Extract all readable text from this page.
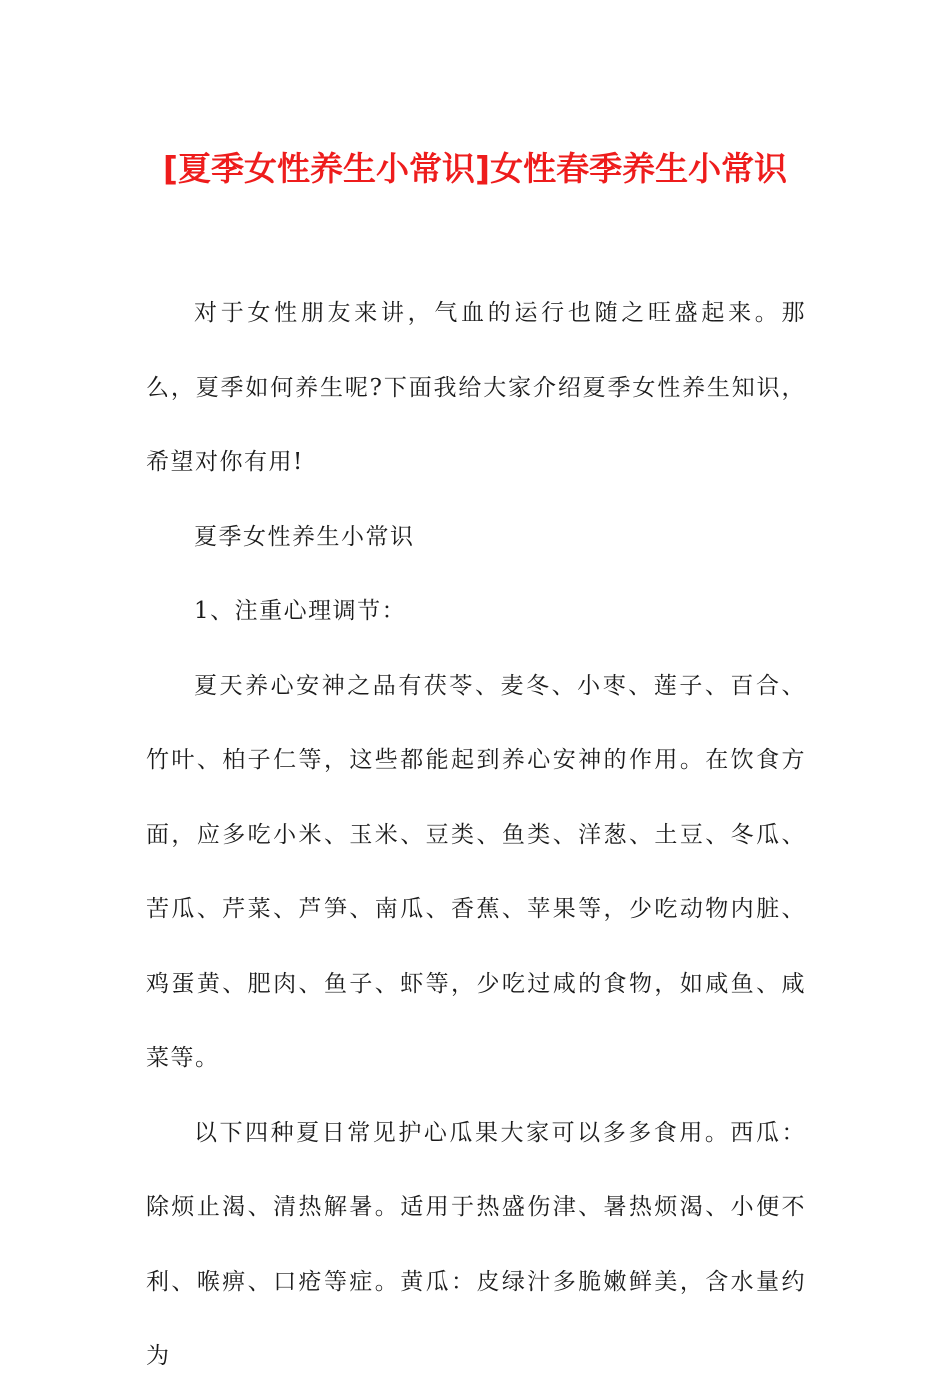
[夏季女性养生小常识]女性春季养生小常识

对于女性朋友来讲，气血的运行也随之旺盛起来。那么，夏季如何养生呢?下面我给大家介绍夏季女性养生知识，希望对你有用!

夏季女性养生小常识

1、注重心理调节：

夏天养心安神之品有茯苓、麦冬、小枣、莲子、百合、竹叶、柏子仁等，这些都能起到养心安神的作用。在饮食方面，应多吃小米、玉米、豆类、鱼类、洋葱、土豆、冬瓜、苦瓜、芹菜、芦笋、南瓜、香蕉、苹果等，少吃动物内脏、鸡蛋黄、肥肉、鱼子、虾等，少吃过咸的食物，如咸鱼、咸菜等。

以下四种夏日常见护心瓜果大家可以多多食用。西瓜：除烦止渴、清热解暑。适用于热盛伤津、暑热烦渴、小便不利、喉痹、口疮等症。黄瓜：皮绿汁多脆嫩鲜美，含水量约为
